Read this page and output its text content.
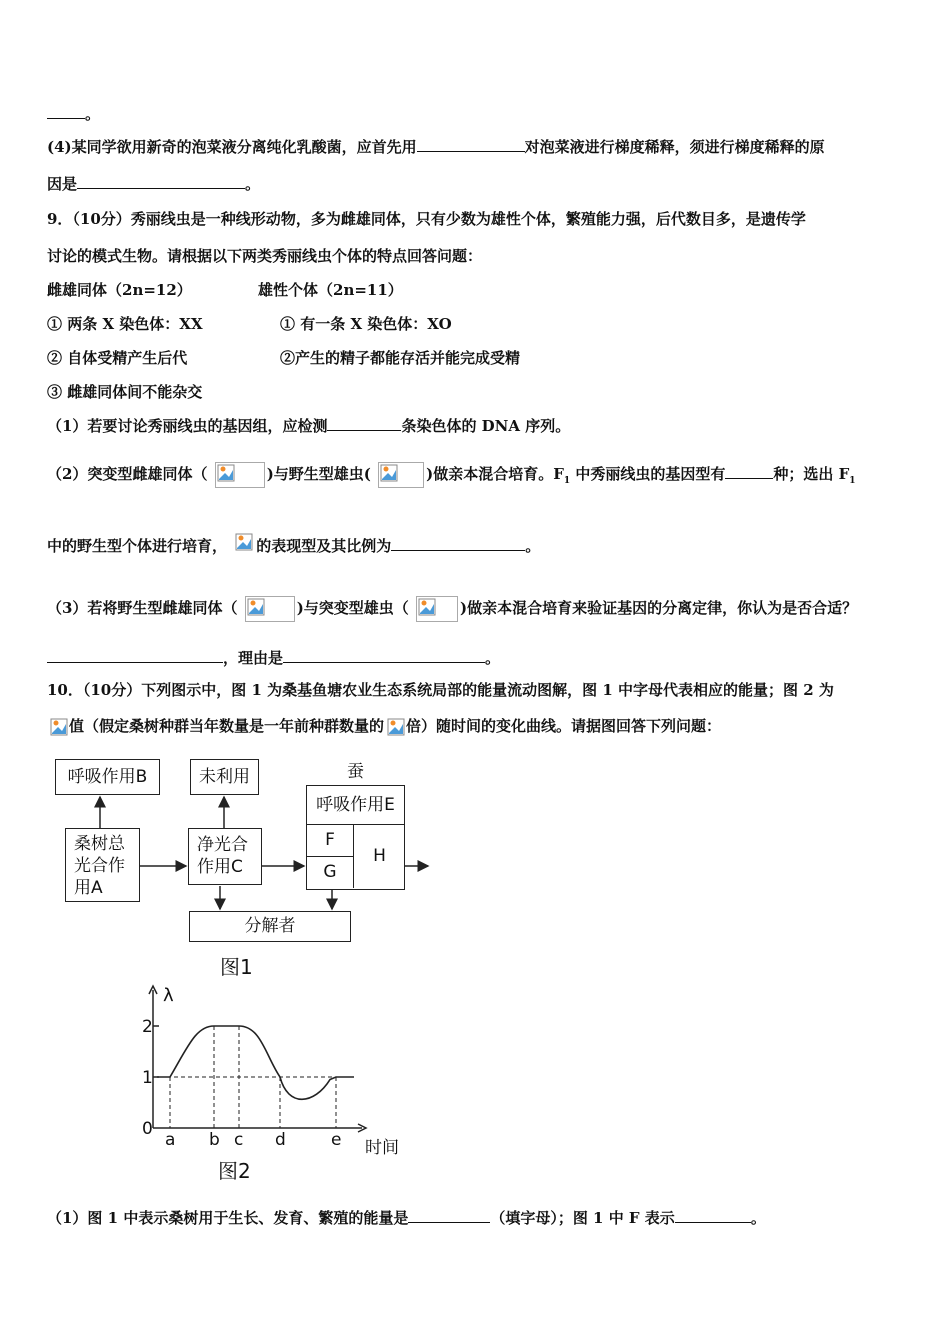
。
(4)某同学欲用新奇的泡菜液分离纯化乳酸菌，应首先用	对泡菜液进行梯度稀释，须进行梯度稀释的原
因是	。
9．（10分）秀丽线虫是一种线形动物，多为雌雄同体，只有少数为雄性个体，繁殖能力强，后代数目多，是遗传学
讨论的模式生物。请根据以下两类秀丽线虫个体的特点回答问题：
雌雄同体（2n=12）	雄性个体（2n=11）
① 两条 X 染色体：XX	① 有一条 X 染色体：XO
② 自体受精产生后代	②产生的精子都能存活并能完成受精
③ 雌雄同体间不能杂交
（1）若要讨论秀丽线虫的基因组，应检测	条染色体的 DNA 序列。
（2）突变型雌雄同体（	)与野生型雄虫(	)做亲本混合培育。$F_1$ 中秀丽线虫的基因型有	种；选出 $F_1$
中的野生型个体进行培育， 的表现型及其比例为	。
（3）若将野生型雌雄同体（	)与突变型雄虫（	)做亲本混合培育来验证基因的分离定律，你认为是否合适？
，理由是	。
10．（10分）下列图示中，图 1 为桑基鱼塘农业生态系统局部的能量流动图解，图 1 中字母代表相应的能量；图 2 为
值（假定桑树种群当年数量是一年前种群数量的 倍）随时间的变化曲线。请据图回答下列问题：
呼吸作用B	未利用	蚕
桑树总
光合作
用A
净光合
作用C
呼吸作用E
F
G
H
分解者
图1
λ
2
1
0
a b c d	e 时间
图2
（1）图 1 中表示桑树用于生长、发育、繁殖的能量是	（填字母）；图 1 中 F 表示	。
